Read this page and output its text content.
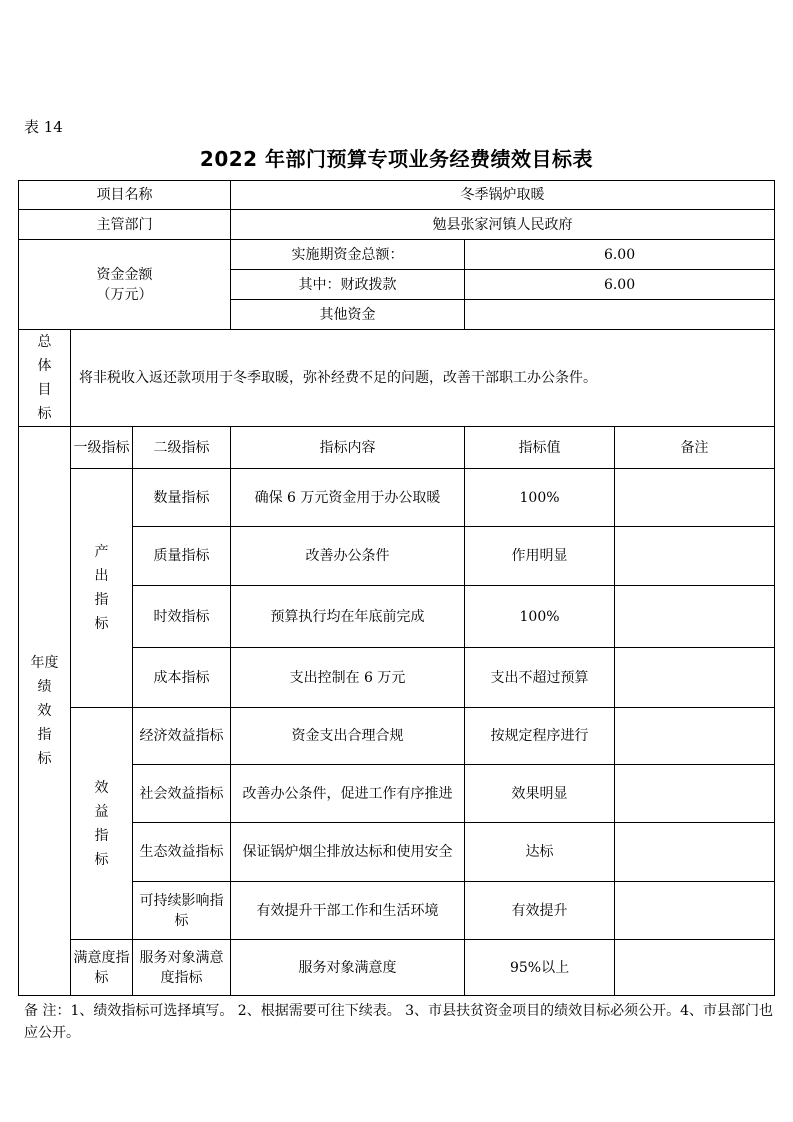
表 14
2022 年部门预算专项业务经费绩效目标表
项目名称			冬季锅炉取暖		
主管部门			勉县张家河镇人民政府		

资金金额
（万元）			实施期资金总额：	6.00	
			其中：财政拨款	6.00	
			其他资金		

总
体
目
标	将非税收入返还款项用于冬季取暖，弥补经费不足的问题，改善干部职工办公条件。				

年度
绩
效
指
标	一级指标	二级指标	指标内容	指标值	备注

	产
出
指
标	数量指标	确保 6 万元资金用于办公取暖	100%	
		质量指标	改善办公条件	作用明显	
		时效指标	预算执行均在年底前完成	100%	
		成本指标	支出控制在 6 万元	支出不超过预算	

	效
益
指
标	经济效益指标	资金支出合理合规	按规定程序进行	
		社会效益指标	改善办公条件，促进工作有序推进	效果明显	
		生态效益指标	保证锅炉烟尘排放达标和使用安全	达标	
		可持续影响指标	有效提升干部工作和生活环境	有效提升	
	满意度指标	服务对象满意度指标	服务对象满意度	95%以上	
备 注：1、绩效指标可选择填写。 2、根据需要可往下续表。 3、市县扶贫资金项目的绩效目标必须公开。4、市县部门也应公开。
